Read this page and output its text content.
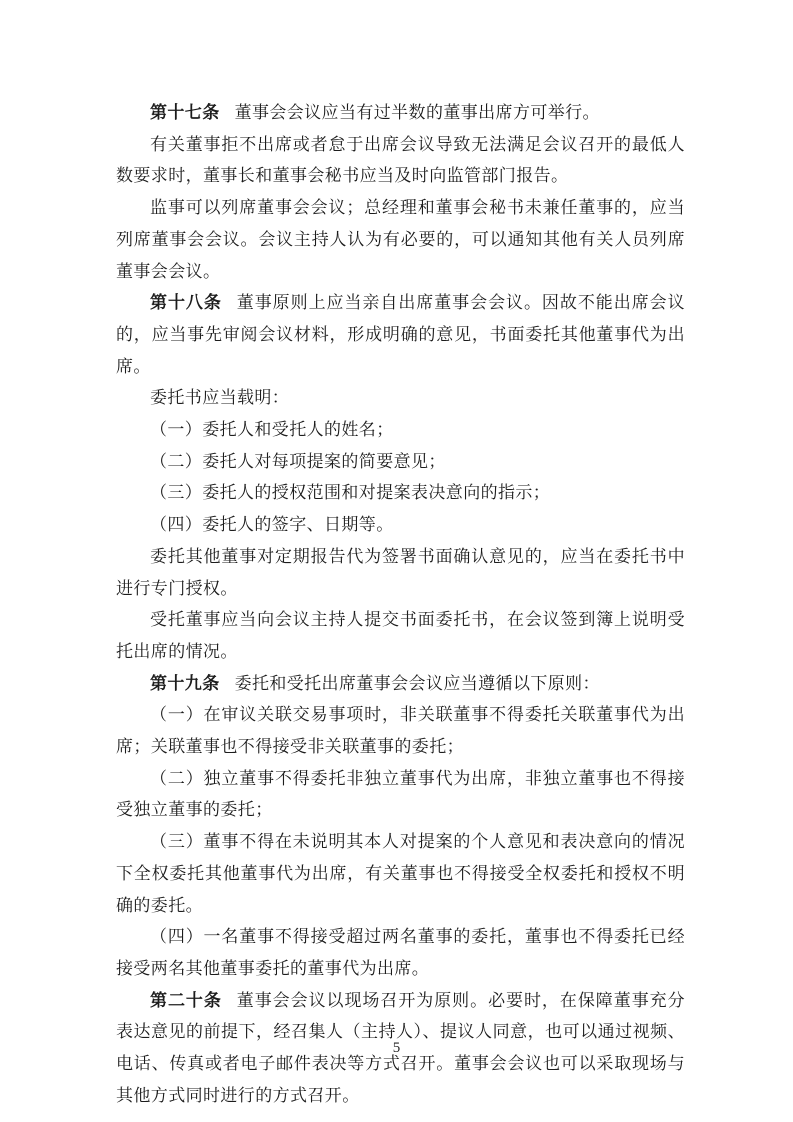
第十七条 董事会会议应当有过半数的董事出席方可举行。

有关董事拒不出席或者怠于出席会议导致无法满足会议召开的最低人数要求时，董事长和董事会秘书应当及时向监管部门报告。

监事可以列席董事会会议；总经理和董事会秘书未兼任董事的，应当列席董事会会议。会议主持人认为有必要的，可以通知其他有关人员列席董事会会议。

第十八条 董事原则上应当亲自出席董事会会议。因故不能出席会议的，应当事先审阅会议材料，形成明确的意见，书面委托其他董事代为出席。

委托书应当载明：

（一）委托人和受托人的姓名；

（二）委托人对每项提案的简要意见；

（三）委托人的授权范围和对提案表决意向的指示；

（四）委托人的签字、日期等。

委托其他董事对定期报告代为签署书面确认意见的，应当在委托书中进行专门授权。

受托董事应当向会议主持人提交书面委托书，在会议签到簿上说明受托出席的情况。

第十九条 委托和受托出席董事会会议应当遵循以下原则：

（一）在审议关联交易事项时，非关联董事不得委托关联董事代为出席；关联董事也不得接受非关联董事的委托；

（二）独立董事不得委托非独立董事代为出席，非独立董事也不得接受独立董事的委托；

（三）董事不得在未说明其本人对提案的个人意见和表决意向的情况下全权委托其他董事代为出席，有关董事也不得接受全权委托和授权不明确的委托。

（四）一名董事不得接受超过两名董事的委托，董事也不得委托已经接受两名其他董事委托的董事代为出席。

第二十条 董事会会议以现场召开为原则。必要时，在保障董事充分表达意见的前提下，经召集人（主持人）、提议人同意，也可以通过视频、电话、传真或者电子邮件表决等方式召开。董事会会议也可以采取现场与其他方式同时进行的方式召开。

5
